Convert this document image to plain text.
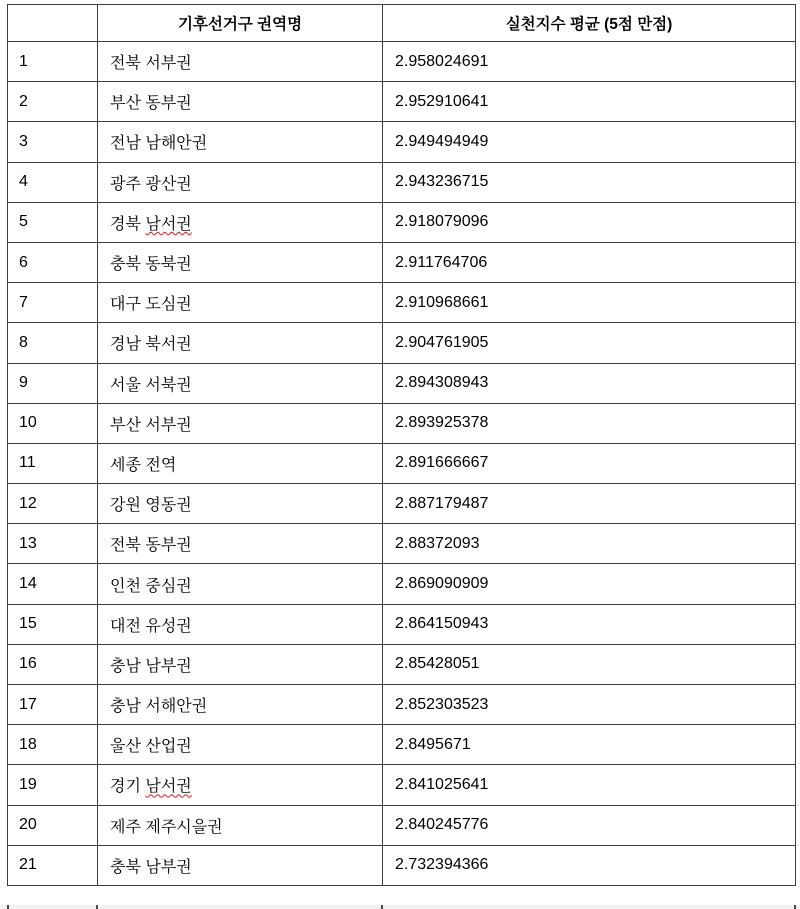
	기후선거구 권역명	실천지수 평균 (5점 만점)
1	전북 서부권	2.958024691
2	부산 동부권	2.952910641
3	전남 남해안권	2.949494949
4	광주 광산권	2.943236715
5	경북 남서권	2.918079096
6	충북 동북권	2.911764706
7	대구 도심권	2.910968661
8	경남 북서권	2.904761905
9	서울 서북권	2.894308943
10	부산 서부권	2.893925378
11	세종 전역	2.891666667
12	강원 영동권	2.887179487
13	전북 동부권	2.88372093
14	인천 중심권	2.869090909
15	대전 유성권	2.864150943
16	충남 남부권	2.85428051
17	충남 서해안권	2.852303523
18	울산 산업권	2.8495671
19	경기 남서권	2.841025641
20	제주 제주시을권	2.840245776
21	충북 남부권	2.732394366
